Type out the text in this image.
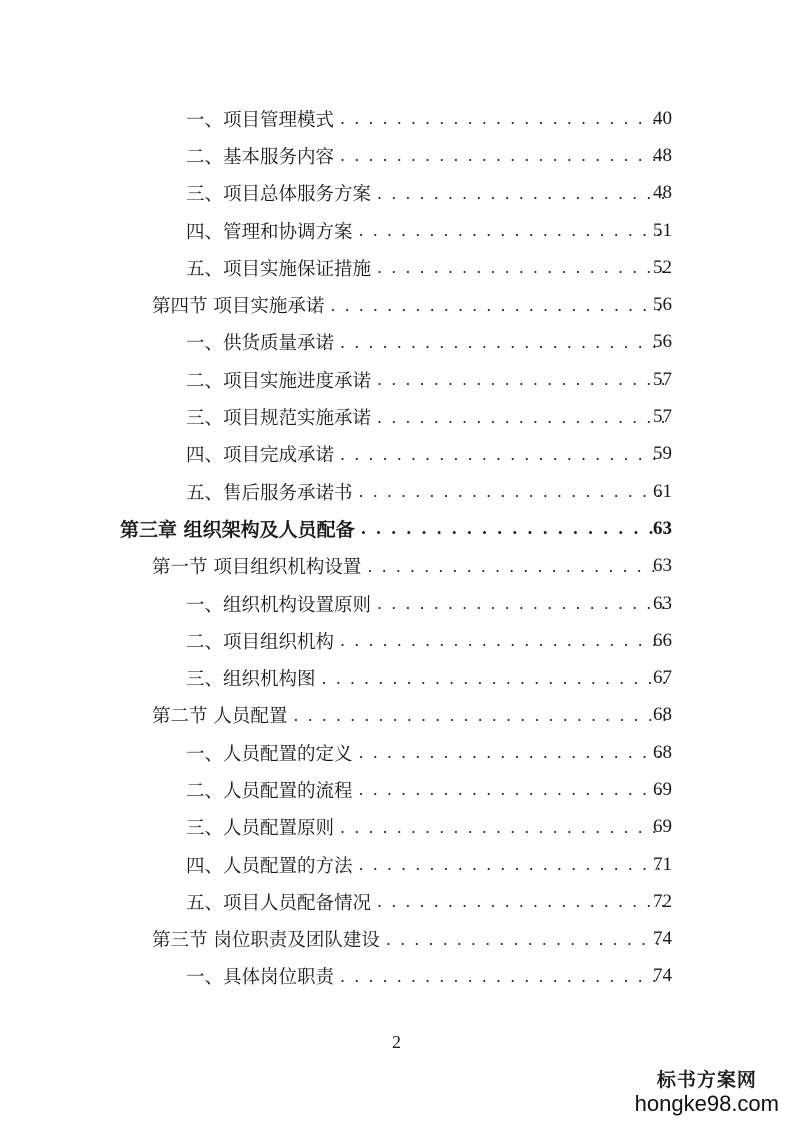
一、项目管理模式 . . .	40
二、基本服务内容 . . .	48
三、项目总体服务方案 . . .	48
四、管理和协调方案 . . .	51
五、项目实施保证措施 . . .	52
第四节 项目实施承诺 . . .	56
一、供货质量承诺 . . .	56
二、项目实施进度承诺 . . .	57
三、项目规范实施承诺 . . .	57
四、项目完成承诺 . . .	59
五、售后服务承诺书 . . .	61
第三章 组织架构及人员配备 . . .	63
第一节 项目组织机构设置 . . .	63
一、组织机构设置原则 . . .	63
二、项目组织机构 . . .	66
三、组织机构图 . . .	67
第二节 人员配置 . . .	68
一、人员配置的定义 . . .	68
二、人员配置的流程 . . .	69
三、人员配置原则 . . .	69
四、人员配置的方法 . . .	71
五、项目人员配备情况 . . .	72
第三节 岗位职责及团队建设 . . .	74
一、具体岗位职责 . . .	74
2
标书方案网
hongke98.com
